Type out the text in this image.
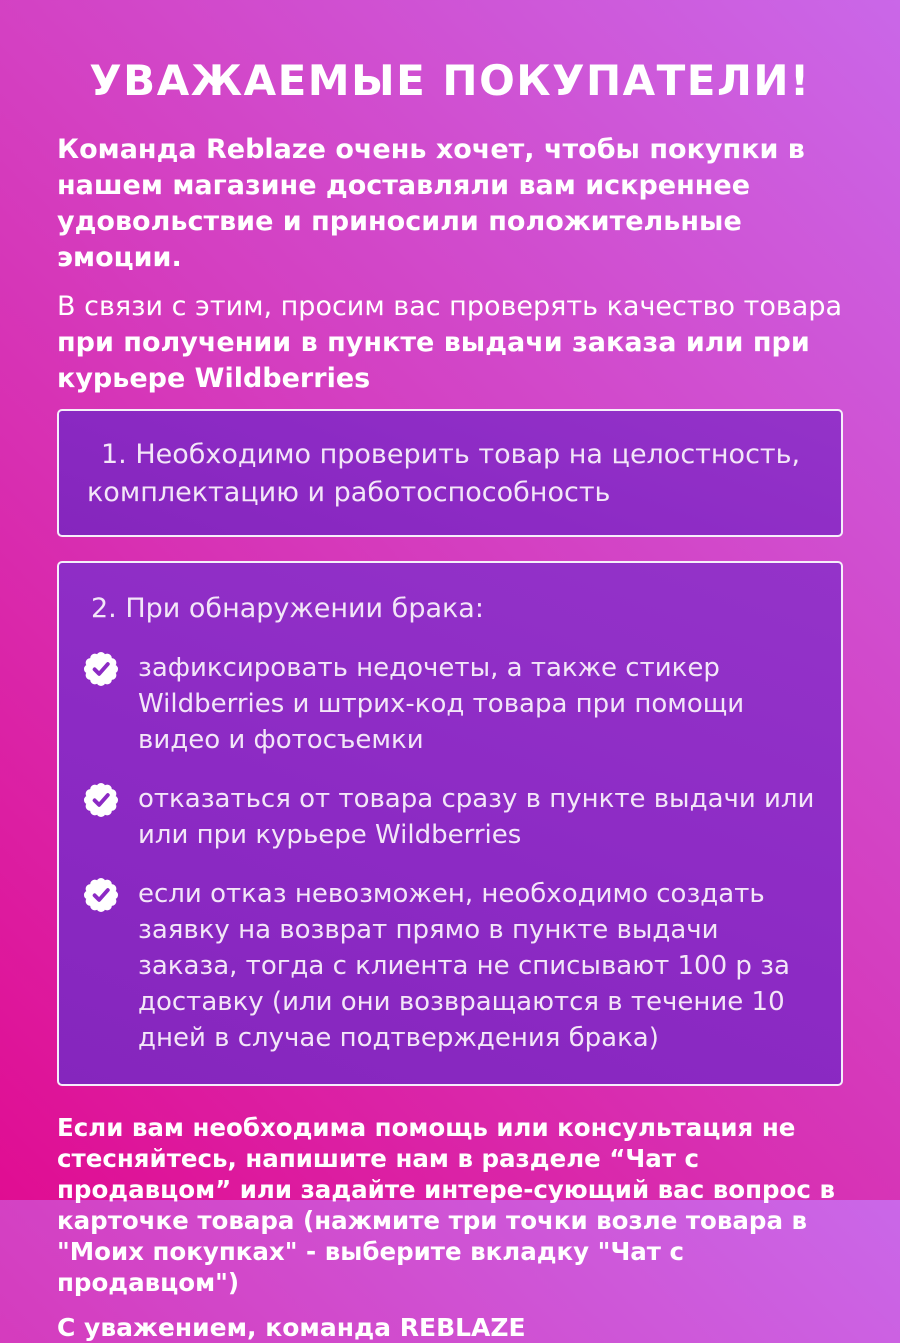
УВАЖАЕМЫЕ ПОКУПАТЕЛИ!

Команда Reblaze очень хочет, чтобы покупки в нашем магазине доставляли вам искреннее удовольствие и приносили положительные эмоции.

В связи с этим, просим вас проверять качество товара
при получении в пункте выдачи заказа или при курьере Wildberries

1. Необходимо проверить товар на целостность, комплектацию и работоспособность

2. При обнаружении брака:

зафиксировать недочеты, а также стикер Wildberries и штрих-код товара при помощи видео и фотосъемки

отказаться от товара сразу в пункте выдачи или или при курьере Wildberries

если отказ невозможен, необходимо создать заявку на возврат прямо в пункте выдачи заказа, тогда с клиента не списывают 100 р за доставку (или они возвращаются в течение 10 дней в случае подтверждения брака)

Если вам необходима помощь или консультация не стесняйтесь, напишите нам в разделе “Чат с продавцом” или задайте интере-сующий вас вопрос в карточке товара (нажмите три точки возле товара в "Моих покупках" - выберите вкладку "Чат с продавцом")

С уважением, команда REBLAZE
